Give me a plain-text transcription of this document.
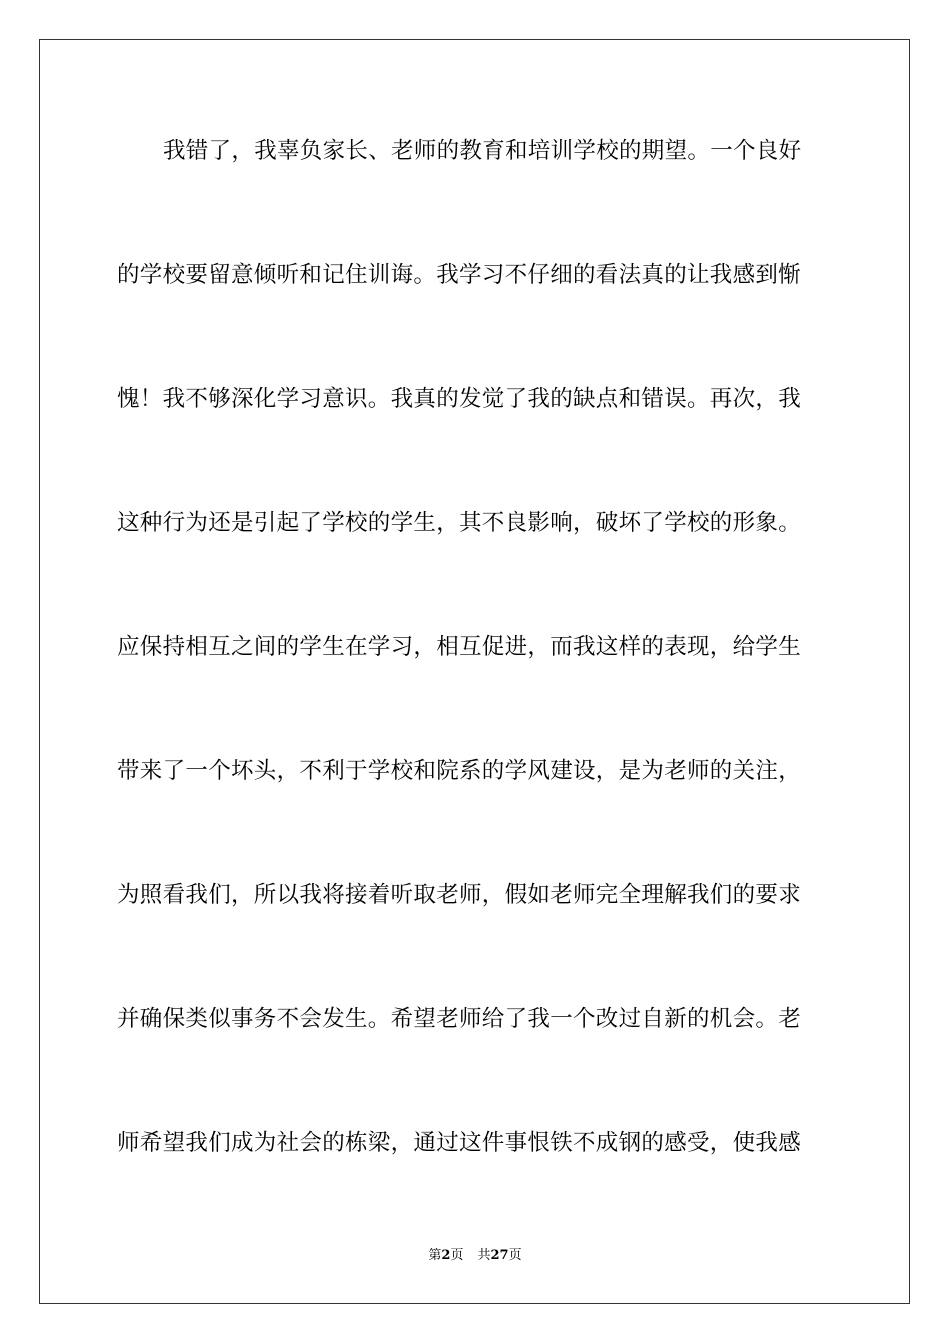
我错了，我辜负家长、老师的教育和培训学校的期望。一个良好
的学校要留意倾听和记住训诲。我学习不仔细的看法真的让我感到惭
愧！我不够深化学习意识。我真的发觉了我的缺点和错误。再次，我
这种行为还是引起了学校的学生，其不良影响，破坏了学校的形象。
应保持相互之间的学生在学习，相互促进，而我这样的表现，给学生
带来了一个坏头，不利于学校和院系的学风建设，是为老师的关注，
为照看我们，所以我将接着听取老师，假如老师完全理解我们的要求
并确保类似事务不会发生。希望老师给了我一个改过自新的机会。老
师希望我们成为社会的栋梁，通过这件事恨铁不成钢的感受，使我感
第2页 共27页
